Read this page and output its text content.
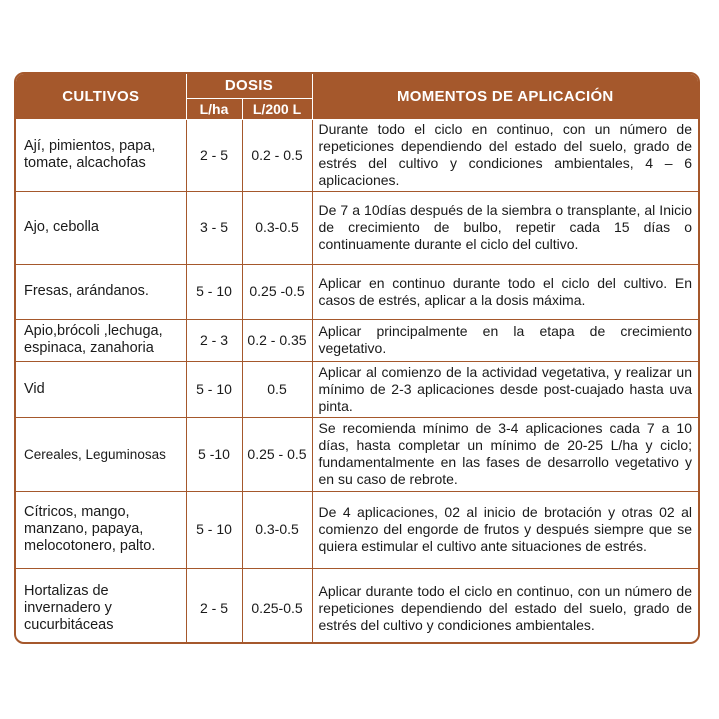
CULTIVOS	DOSIS		MOMENTOS DE APLICACIÓN
	L/ha	L/200 L	
Ají, pimientos, papa, tomate, alcachofas	2 - 5	0.2 - 0.5	Durante todo el ciclo en continuo, con un número de repeticiones dependiendo del estado del suelo, grado de estrés del cultivo y condiciones ambientales, 4 – 6 aplicaciones.
Ajo, cebolla	3 - 5	0.3-0.5	De 7 a 10días después de la siembra o transplante, al Inicio de crecimiento de bulbo, repetir cada 15 días o continuamente durante el ciclo del cultivo.
Fresas, arándanos.	5 - 10	0.25 -0.5	Aplicar en continuo durante todo el ciclo del cultivo. En casos de estrés, aplicar a la dosis máxima.
Apio,brócoli ,lechuga, espinaca, zanahoria	2 - 3	0.2 - 0.35	Aplicar principalmente en la etapa de crecimiento vegetativo.
Vid	5 - 10	0.5	Aplicar al comienzo de la actividad vegetativa, y realizar un mínimo de 2-3 aplicaciones desde post-cuajado hasta uva pinta.
Cereales, Leguminosas	5 -10	0.25 - 0.5	Se recomienda mínimo de 3-4 aplicaciones cada 7 a 10 días, hasta completar un mínimo de 20-25 L/ha y ciclo; fundamentalmente en las fases de desarrollo vegetativo y en su caso de rebrote.
Cítricos, mango, manzano, papaya, melocotonero, palto.	5 - 10	0.3-0.5	De 4 aplicaciones, 02 al inicio de brotación y otras 02 al comienzo del engorde de frutos y después siempre que se quiera estimular el cultivo ante situaciones de estrés.
Hortalizas de invernadero y cucurbitáceas	2 - 5	0.25-0.5	Aplicar durante todo el ciclo en continuo, con un número de repeticiones dependiendo del estado del suelo, grado de estrés del cultivo y condiciones ambientales.
